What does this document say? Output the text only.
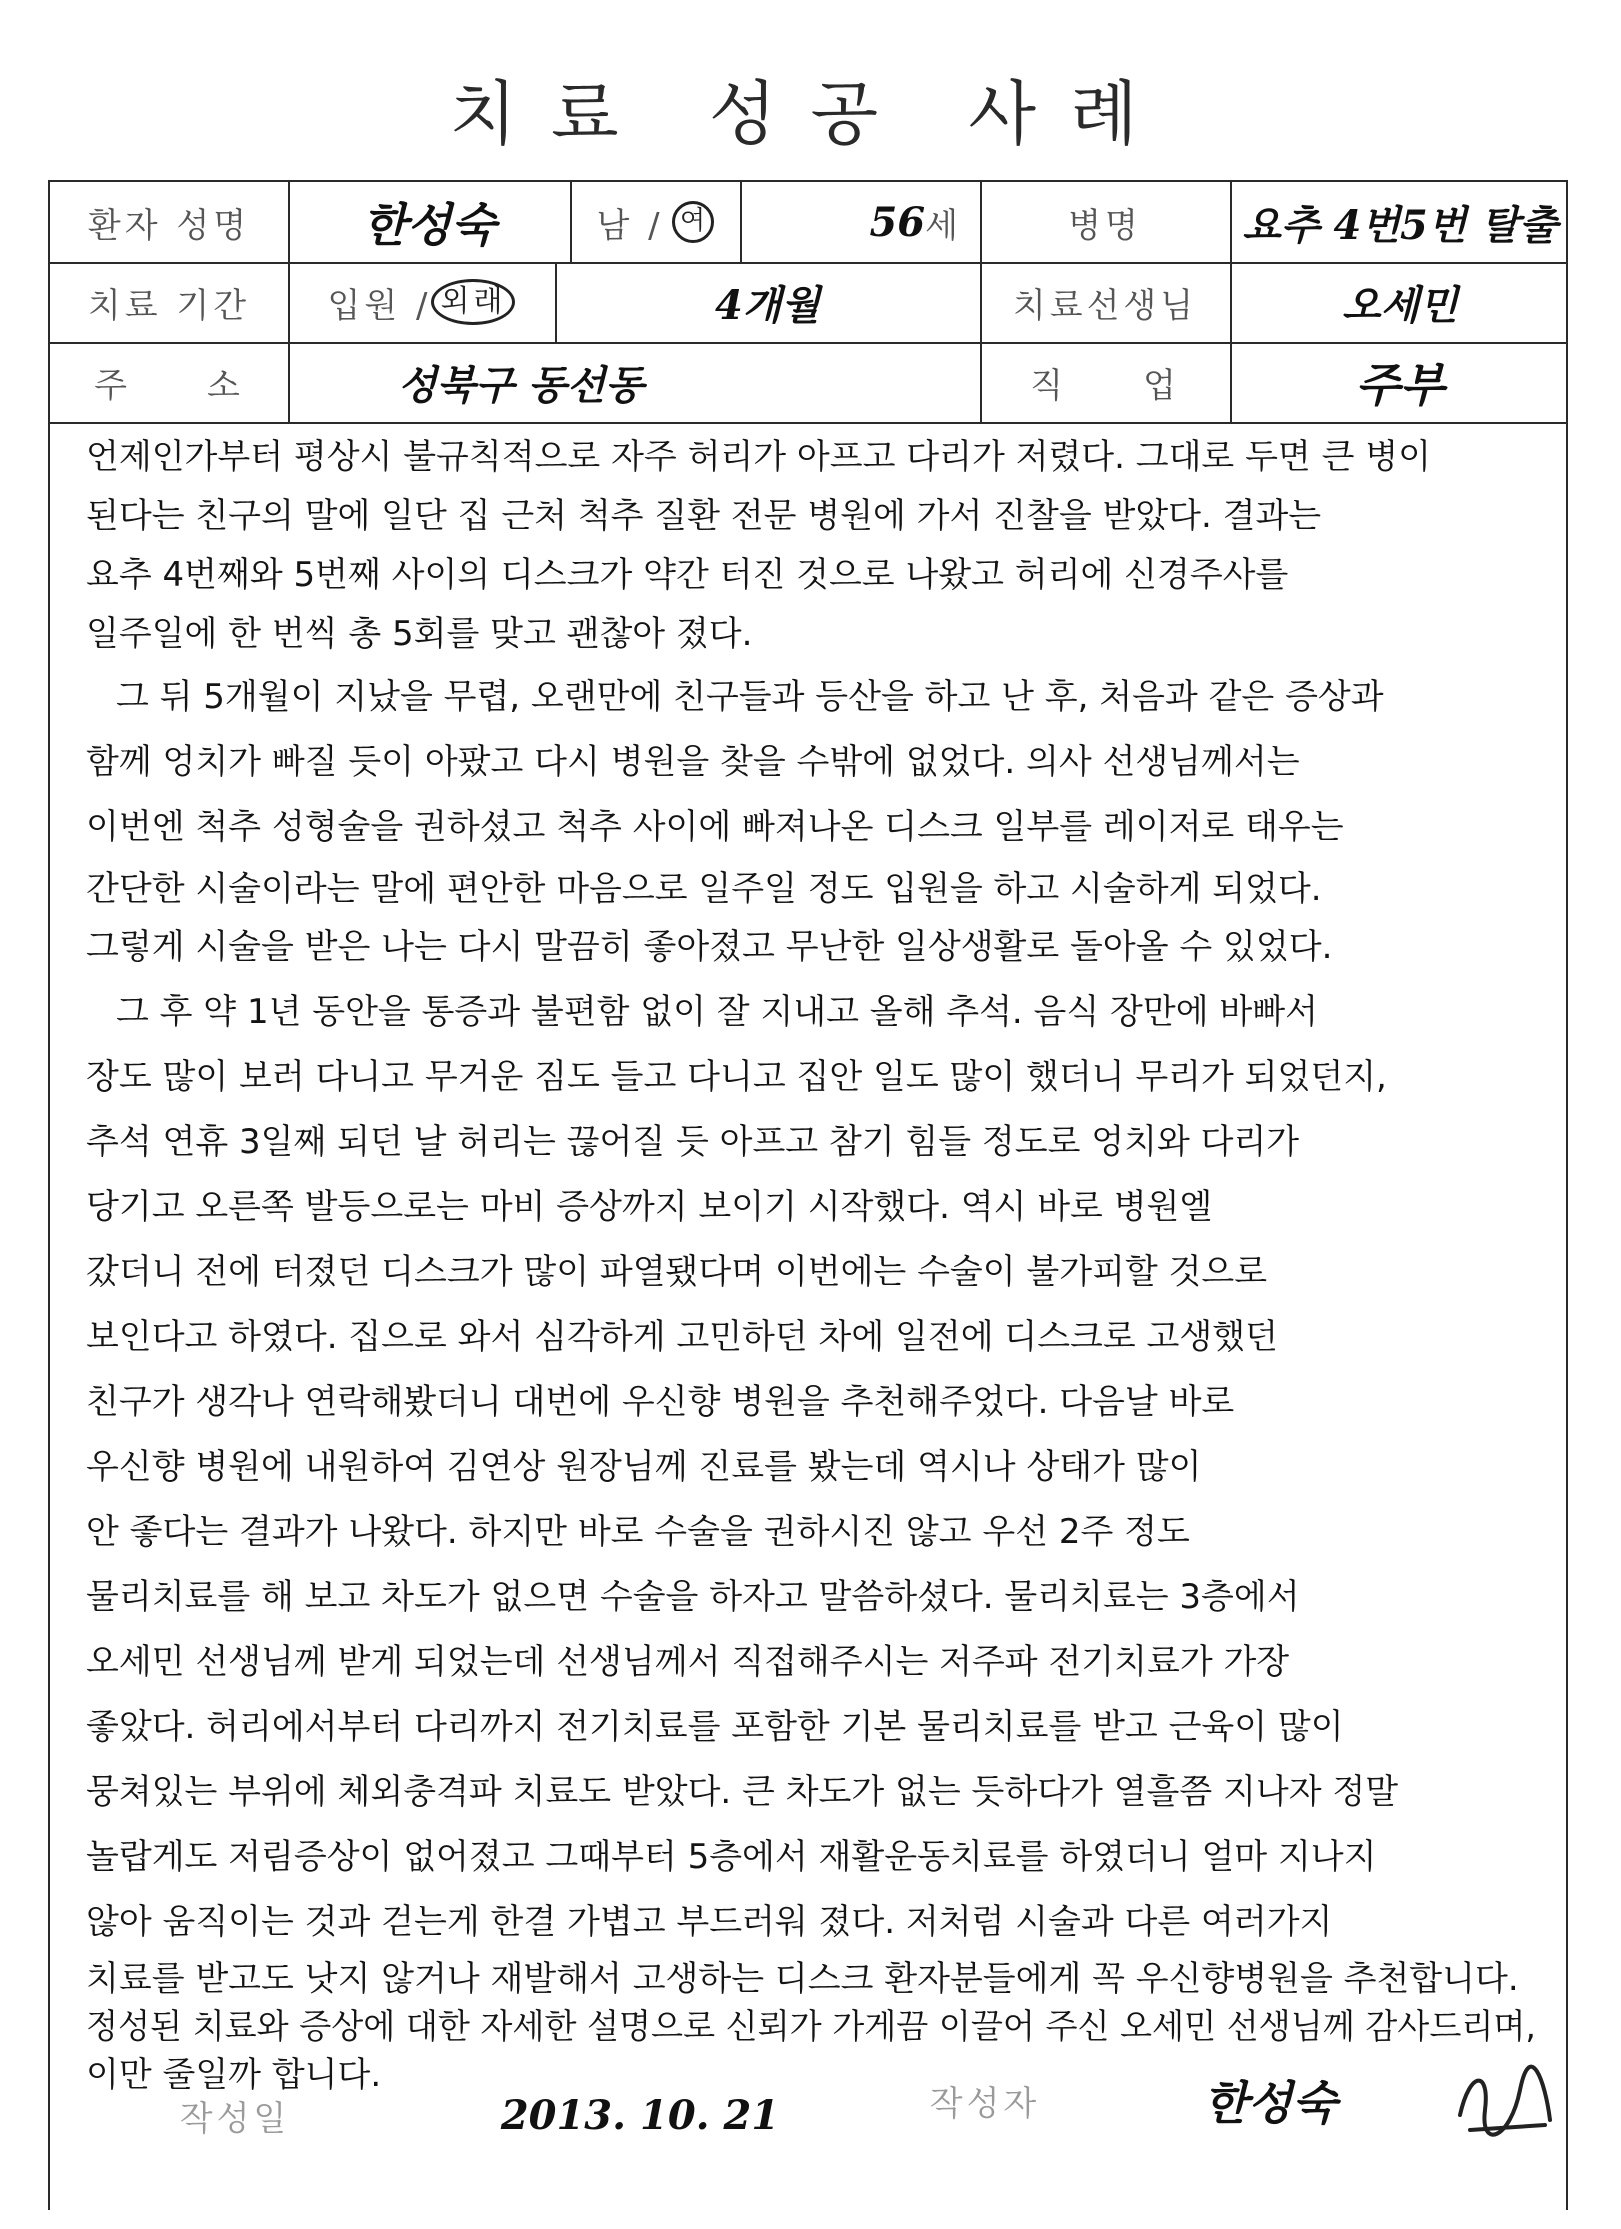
치료 성공 사례
환자 성명	한성숙	남 / 여	56 세	병명	요추 4번5번 탈출
치료 기간	입원 / 외래	4개월	치료선생님	오세민
주　　소	성북구 동선동	직　　업	주부
언제인가부터 평상시 불규칙적으로 자주 허리가 아프고 다리가 저렸다. 그대로 두면 큰 병이
된다는 친구의 말에 일단 집 근처 척추 질환 전문 병원에 가서 진찰을 받았다. 결과는
요추 4번째와 5번째 사이의 디스크가 약간 터진 것으로 나왔고 허리에 신경주사를
일주일에 한 번씩 총 5회를 맞고 괜찮아 졌다.
그 뒤 5개월이 지났을 무렵, 오랜만에 친구들과 등산을 하고 난 후, 처음과 같은 증상과
함께 엉치가 빠질 듯이 아팠고 다시 병원을 찾을 수밖에 없었다. 의사 선생님께서는
이번엔 척추 성형술을 권하셨고 척추 사이에 빠져나온 디스크 일부를 레이저로 태우는
간단한 시술이라는 말에 편안한 마음으로 일주일 정도 입원을 하고 시술하게 되었다.
그렇게 시술을 받은 나는 다시 말끔히 좋아졌고 무난한 일상생활로 돌아올 수 있었다.
그 후 약 1년 동안을 통증과 불편함 없이 잘 지내고 올해 추석. 음식 장만에 바빠서
장도 많이 보러 다니고 무거운 짐도 들고 다니고 집안 일도 많이 했더니 무리가 되었던지,
추석 연휴 3일째 되던 날 허리는 끊어질 듯 아프고 참기 힘들 정도로 엉치와 다리가
당기고 오른쪽 발등으로는 마비 증상까지 보이기 시작했다. 역시 바로 병원엘
갔더니 전에 터졌던 디스크가 많이 파열됐다며 이번에는 수술이 불가피할 것으로
보인다고 하였다. 집으로 와서 심각하게 고민하던 차에 일전에 디스크로 고생했던
친구가 생각나 연락해봤더니 대번에 우신향 병원을 추천해주었다. 다음날 바로
우신향 병원에 내원하여 김연상 원장님께 진료를 봤는데 역시나 상태가 많이
안 좋다는 결과가 나왔다. 하지만 바로 수술을 권하시진 않고 우선 2주 정도
물리치료를 해 보고 차도가 없으면 수술을 하자고 말씀하셨다. 물리치료는 3층에서
오세민 선생님께 받게 되었는데 선생님께서 직접해주시는 저주파 전기치료가 가장
좋았다. 허리에서부터 다리까지 전기치료를 포함한 기본 물리치료를 받고 근육이 많이
뭉쳐있는 부위에 체외충격파 치료도 받았다. 큰 차도가 없는 듯하다가 열흘쯤 지나자 정말
놀랍게도 저림증상이 없어졌고 그때부터 5층에서 재활운동치료를 하였더니 얼마 지나지
않아 움직이는 것과 걷는게 한결 가볍고 부드러워 졌다. 저처럼 시술과 다른 여러가지
치료를 받고도 낫지 않거나 재발해서 고생하는 디스크 환자분들에게 꼭 우신향병원을 추천합니다.
정성된 치료와 증상에 대한 자세한 설명으로 신뢰가 가게끔 이끌어 주신 오세민 선생님께 감사드리며,
이만 줄일까 합니다.
작성일	2013. 10. 21	작성자	한성숙
